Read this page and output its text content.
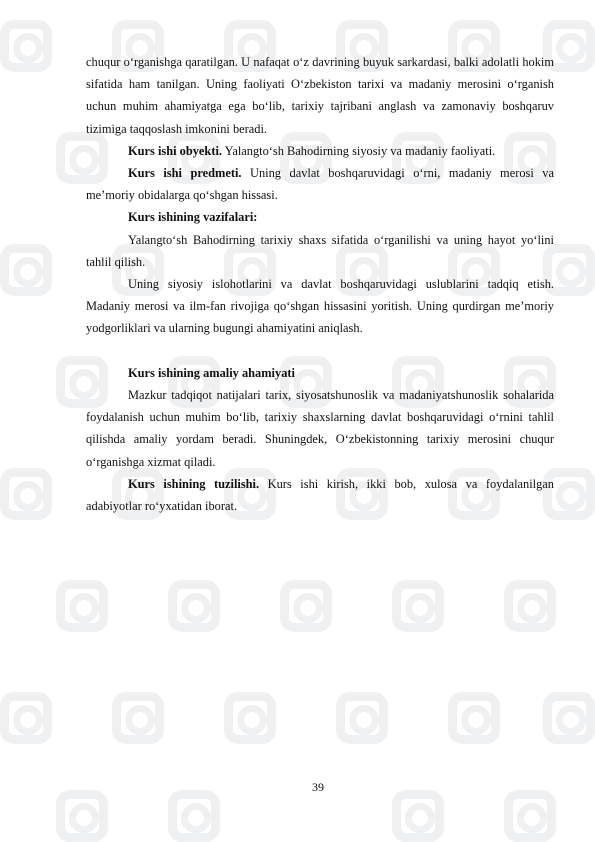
chuqur o‘rganishga qaratilgan. U nafaqat o‘z davrining buyuk sarkardasi, balki adolatli hokim sifatida ham tanilgan. Uning faoliyati O‘zbekiston tarixi va madaniy merosini o‘rganish uchun muhim ahamiyatga ega bo‘lib, tarixiy tajribani anglash va zamonaviy boshqaruv tizimiga taqqoslash imkonini beradi.

Kurs ishi obyekti. Yalangto‘sh Bahodirning siyosiy va madaniy faoliyati.

Kurs ishi predmeti. Uning davlat boshqaruvidagi o‘rni, madaniy merosi va me’moriy obidalarga qo‘shgan hissasi.

Kurs ishining vazifalari:

Yalangto‘sh Bahodirning tarixiy shaxs sifatida o‘rganilishi va uning hayot yo‘lini tahlil qilish.

Uning siyosiy islohotlarini va davlat boshqaruvidagi uslublarini tadqiq etish. Madaniy merosi va ilm-fan rivojiga qo‘shgan hissasini yoritish. Uning qurdirgan me’moriy yodgorliklari va ularning bugungi ahamiyatini aniqlash.

Kurs ishining amaliy ahamiyati

Mazkur tadqiqot natijalari tarix, siyosatshunoslik va madaniyatshunoslik sohalarida foydalanish uchun muhim bo‘lib, tarixiy shaxslarning davlat boshqaruvidagi o‘rnini tahlil qilishda amaliy yordam beradi. Shuningdek, O‘zbekistonning tarixiy merosini chuqur o‘rganishga xizmat qiladi.

Kurs ishining tuzilishi. Kurs ishi kirish, ikki bob, xulosa va foydalanilgan adabiyotlar ro‘yxatidan iborat.

39
